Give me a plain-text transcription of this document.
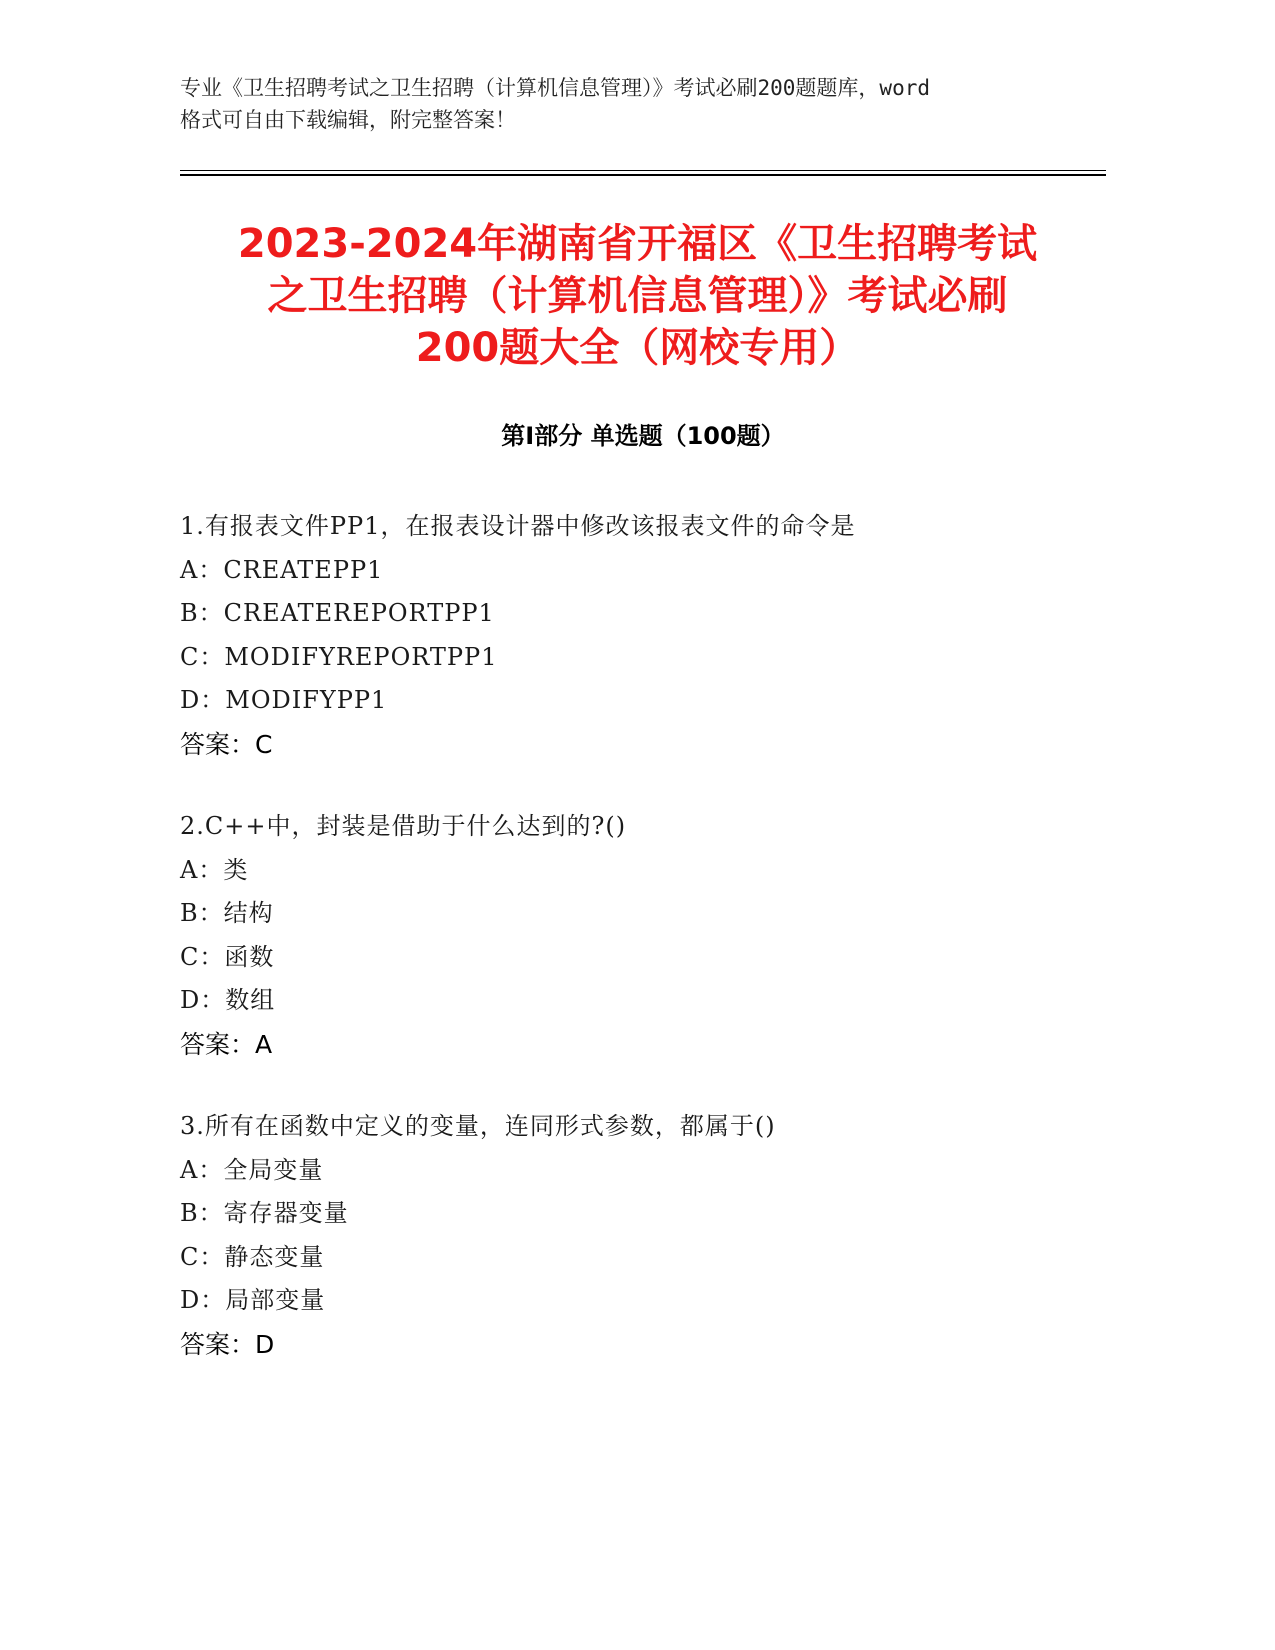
专业《卫生招聘考试之卫生招聘（计算机信息管理）》考试必刷200题题库，word
格式可自由下载编辑，附完整答案！
2023-2024年湖南省开福区《卫生招聘考试
之卫生招聘（计算机信息管理）》考试必刷
200题大全（网校专用）
第Ⅰ部分 单选题（100题）
1.有报表文件PP1，在报表设计器中修改该报表文件的命令是
A：CREATEPP1
B：CREATEREPORTPP1
C：MODIFYREPORTPP1
D：MODIFYPP1
答案：C
2.C++中，封装是借助于什么达到的?()
A：类
B：结构
C：函数
D：数组
答案：A
3.所有在函数中定义的变量，连同形式参数，都属于()
A：全局变量
B：寄存器变量
C：静态变量
D：局部变量
答案：D
